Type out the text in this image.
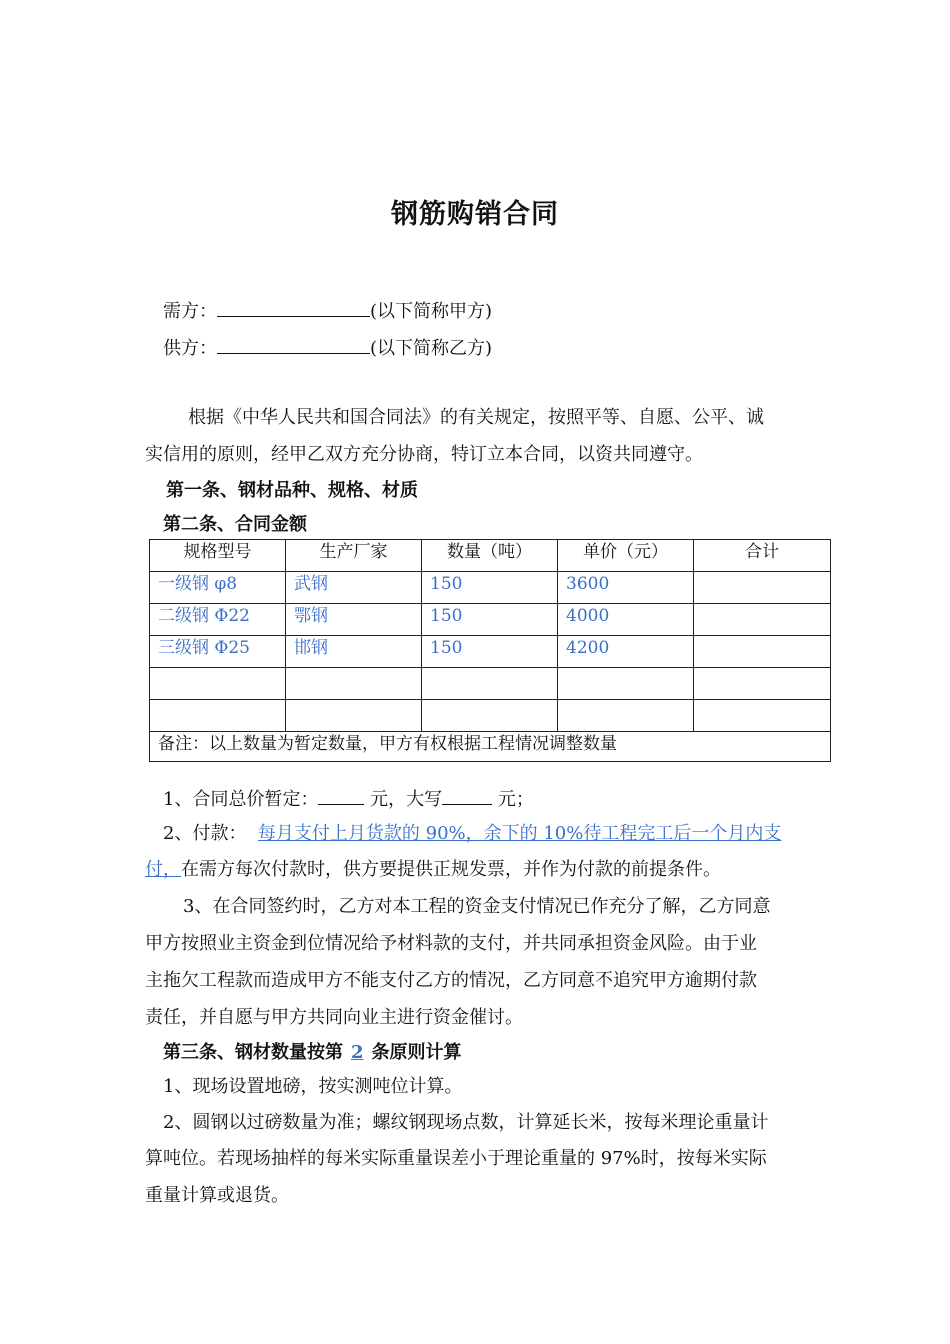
钢筋购销合同
需方：	(以下简称甲方)
供方：	(以下简称乙方)
根据《中华人民共和国合同法》的有关规定，按照平等、自愿、公平、诚
实信用的原则，经甲乙双方充分协商，特订立本合同，以资共同遵守。
第一条、钢材品种、规格、材质
第二条、合同金额
规格型号	生产厂家	数量（吨）	单价（元）	合计
一级钢 φ8	武钢	150	3600	
二级钢 Φ22	鄂钢	150	4000	
三级钢 Φ25	邯钢	150	4200	

备注：以上数量为暂定数量，甲方有权根据工程情况调整数量				
1、合同总价暂定：	元，大写	元；
2、付款： 每月支付上月货款的 90%，余下的 10%待工程完工后一个月内支
付，在需方每次付款时，供方要提供正规发票，并作为付款的前提条件。
3、在合同签约时，乙方对本工程的资金支付情况已作充分了解，乙方同意
甲方按照业主资金到位情况给予材料款的支付，并共同承担资金风险。由于业
主拖欠工程款而造成甲方不能支付乙方的情况，乙方同意不追究甲方逾期付款
责任，并自愿与甲方共同向业主进行资金催讨。
第三条、钢材数量按第 2 条原则计算
1、现场设置地磅，按实测吨位计算。
2、圆钢以过磅数量为准；螺纹钢现场点数，计算延长米，按每米理论重量计
算吨位。若现场抽样的每米实际重量误差小于理论重量的 97%时，按每米实际
重量计算或退货。
